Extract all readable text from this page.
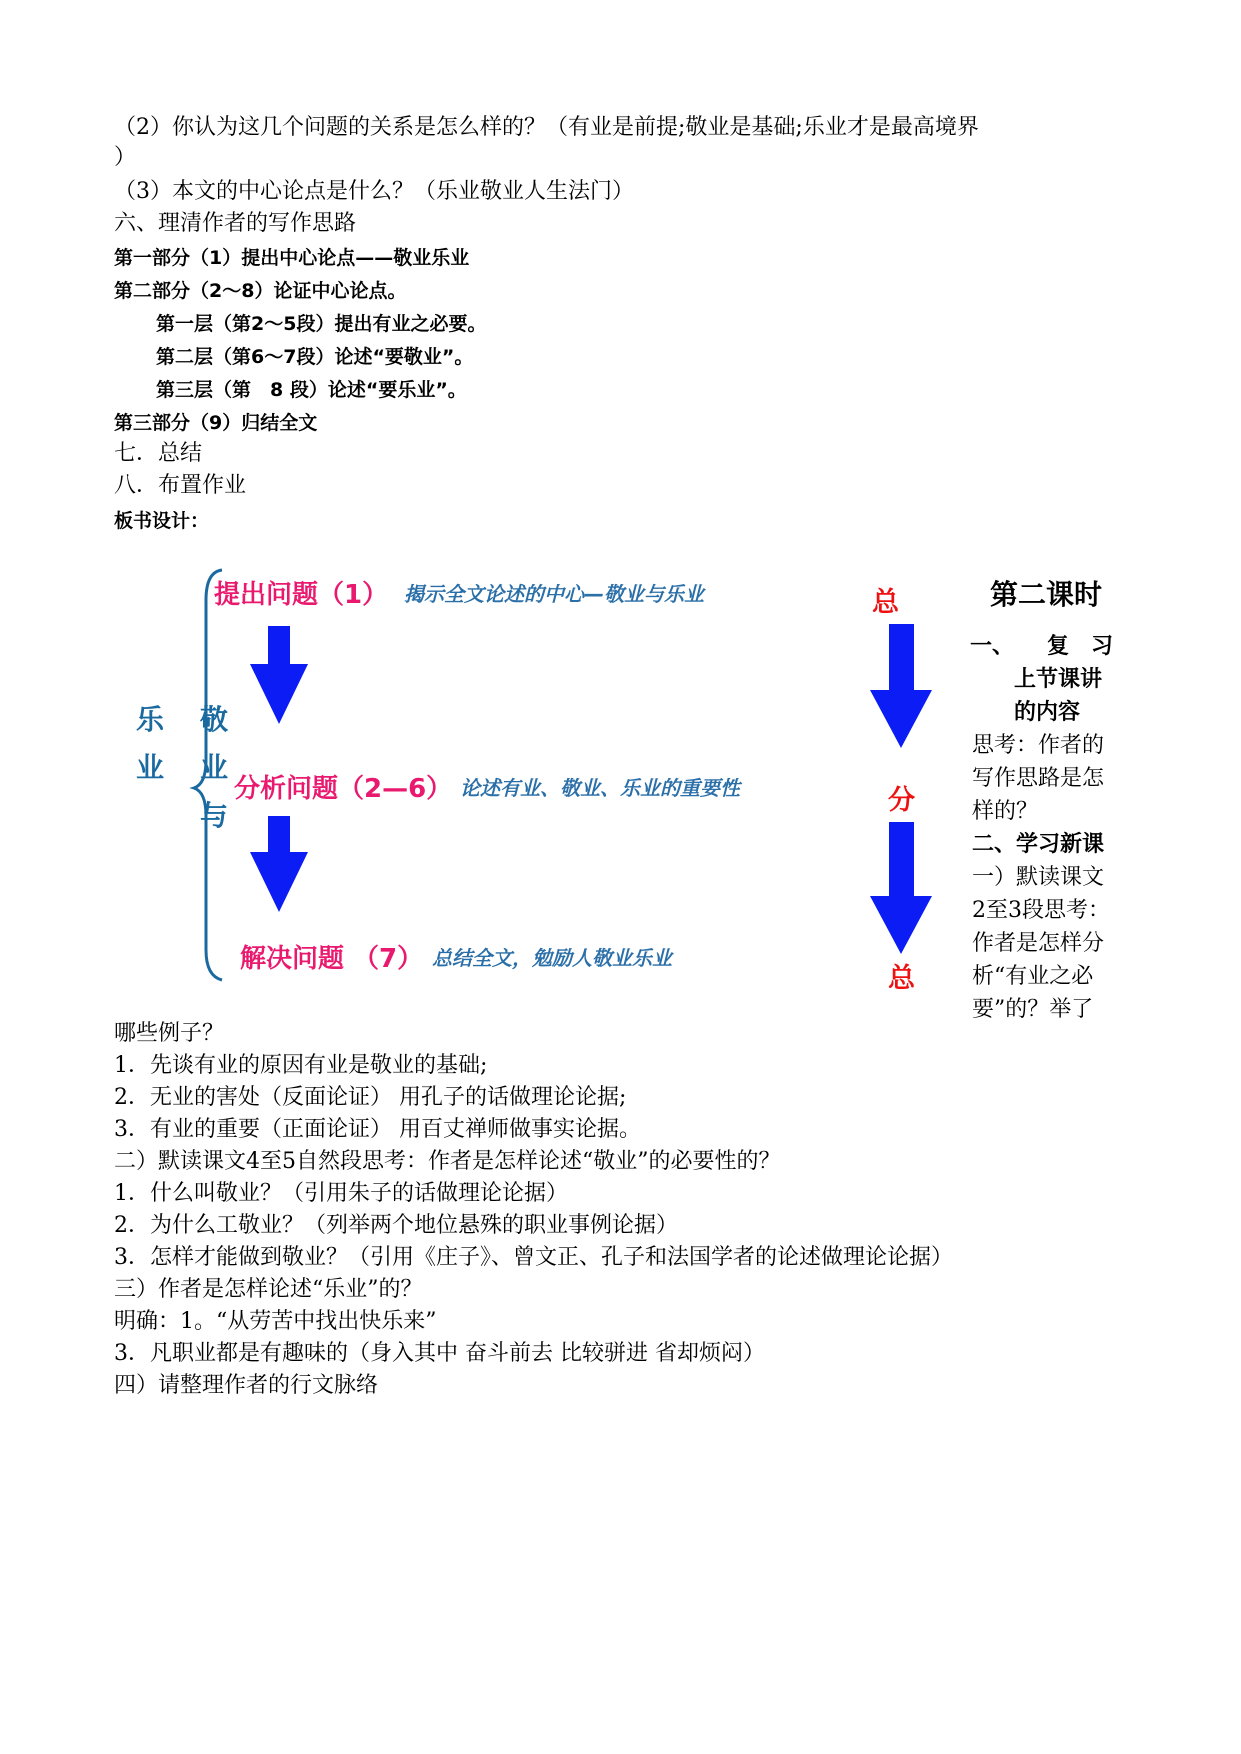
（2）你认为这几个问题的关系是怎么样的？（有业是前提;敬业是基础;乐业才是最高境界
）
（3）本文的中心论点是什么？（乐业敬业人生法门）
六、理清作者的写作思路
第一部分（1）提出中心论点——敬业乐业
第二部分（2～8）论证中心论点。
第一层（第2～5段）提出有业之必要。
第二层（第6～7段）论述“要敬业”。
第三层（第　8 段）论述“要乐业”。
第三部分（9）归结全文
七．总结
八．布置作业
板书设计：
提出问题（1） 揭示全文论述的中心—敬业与乐业
分析问题（2—6） 论述有业、敬业、乐业的重要性
解决问题 （7） 总结全文，勉励人敬业乐业
乐
业
敬
业
与
总
分
总
第二课时
一、　　复　习
上节课讲
的内容
思考：作者的
写作思路是怎
样的？
二、学习新课
一）默读课文
2至3段思考：
作者是怎样分
析“有业之必
要”的？举了
哪些例子？
1．先谈有业的原因有业是敬业的基础;
2．无业的害处（反面论证） 用孔子的话做理论论据;
3．有业的重要（正面论证） 用百丈禅师做事实论据。
二）默读课文4至5自然段思考：作者是怎样论述“敬业”的必要性的？
1．什么叫敬业？（引用朱子的话做理论论据）
2．为什么工敬业？（列举两个地位悬殊的职业事例论据）
3．怎样才能做到敬业？（引用《庄子》、曾文正、孔子和法国学者的论述做理论论据）
三）作者是怎样论述“乐业”的？
明确：1。“从劳苦中找出快乐来”
3．凡职业都是有趣味的（身入其中 奋斗前去 比较骈进 省却烦闷）
四）请整理作者的行文脉络
